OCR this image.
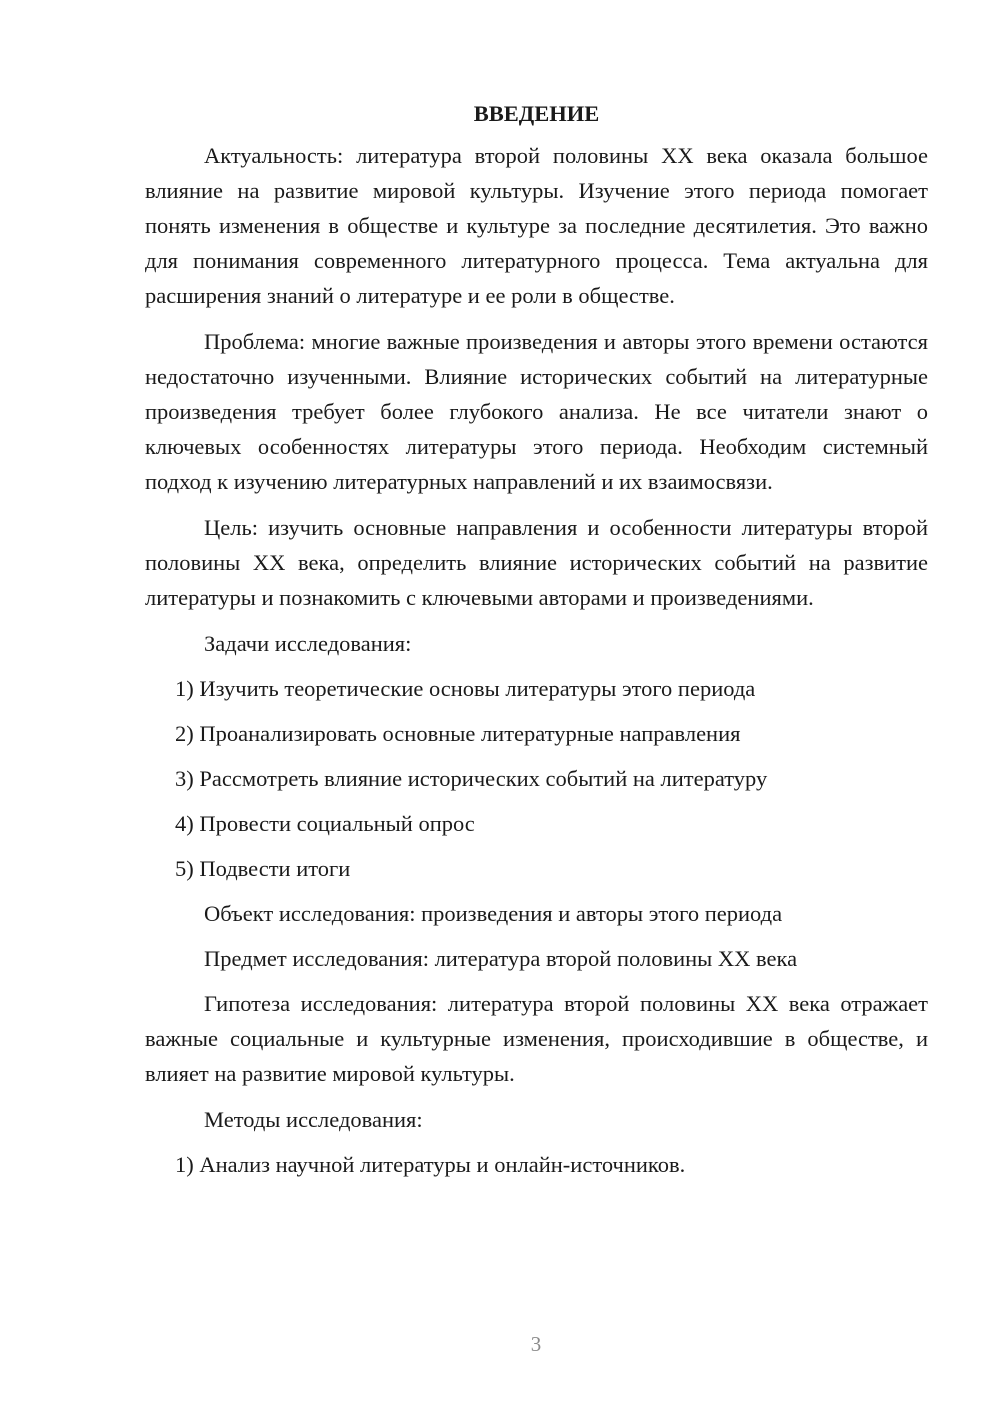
ВВЕДЕНИЕ

Актуальность: литература второй половины XX века оказала большое влияние на развитие мировой культуры. Изучение этого периода помогает понять изменения в обществе и культуре за последние десятилетия. Это важно для понимания современного литературного процесса. Тема актуальна для расширения знаний о литературе и ее роли в обществе.

Проблема: многие важные произведения и авторы этого времени остаются недостаточно изученными. Влияние исторических событий на литературные произведения требует более глубокого анализа. Не все читатели знают о ключевых особенностях литературы этого периода. Необходим системный подход к изучению литературных направлений и их взаимосвязи.

Цель: изучить основные направления и особенности литературы второй половины XX века, определить влияние исторических событий на развитие литературы и познакомить с ключевыми авторами и произведениями.

Задачи исследования:
1) Изучить теоретические основы литературы этого периода
2) Проанализировать основные литературные направления
3) Рассмотреть влияние исторических событий на литературу
4) Провести социальный опрос
5) Подвести итоги
Объект исследования: произведения и авторы этого периода
Предмет исследования: литература второй половины XX века

Гипотеза исследования: литература второй половины XX века отражает важные социальные и культурные изменения, происходившие в обществе, и влияет на развитие мировой культуры.

Методы исследования:
1) Анализ научной литературы и онлайн-источников.
3
